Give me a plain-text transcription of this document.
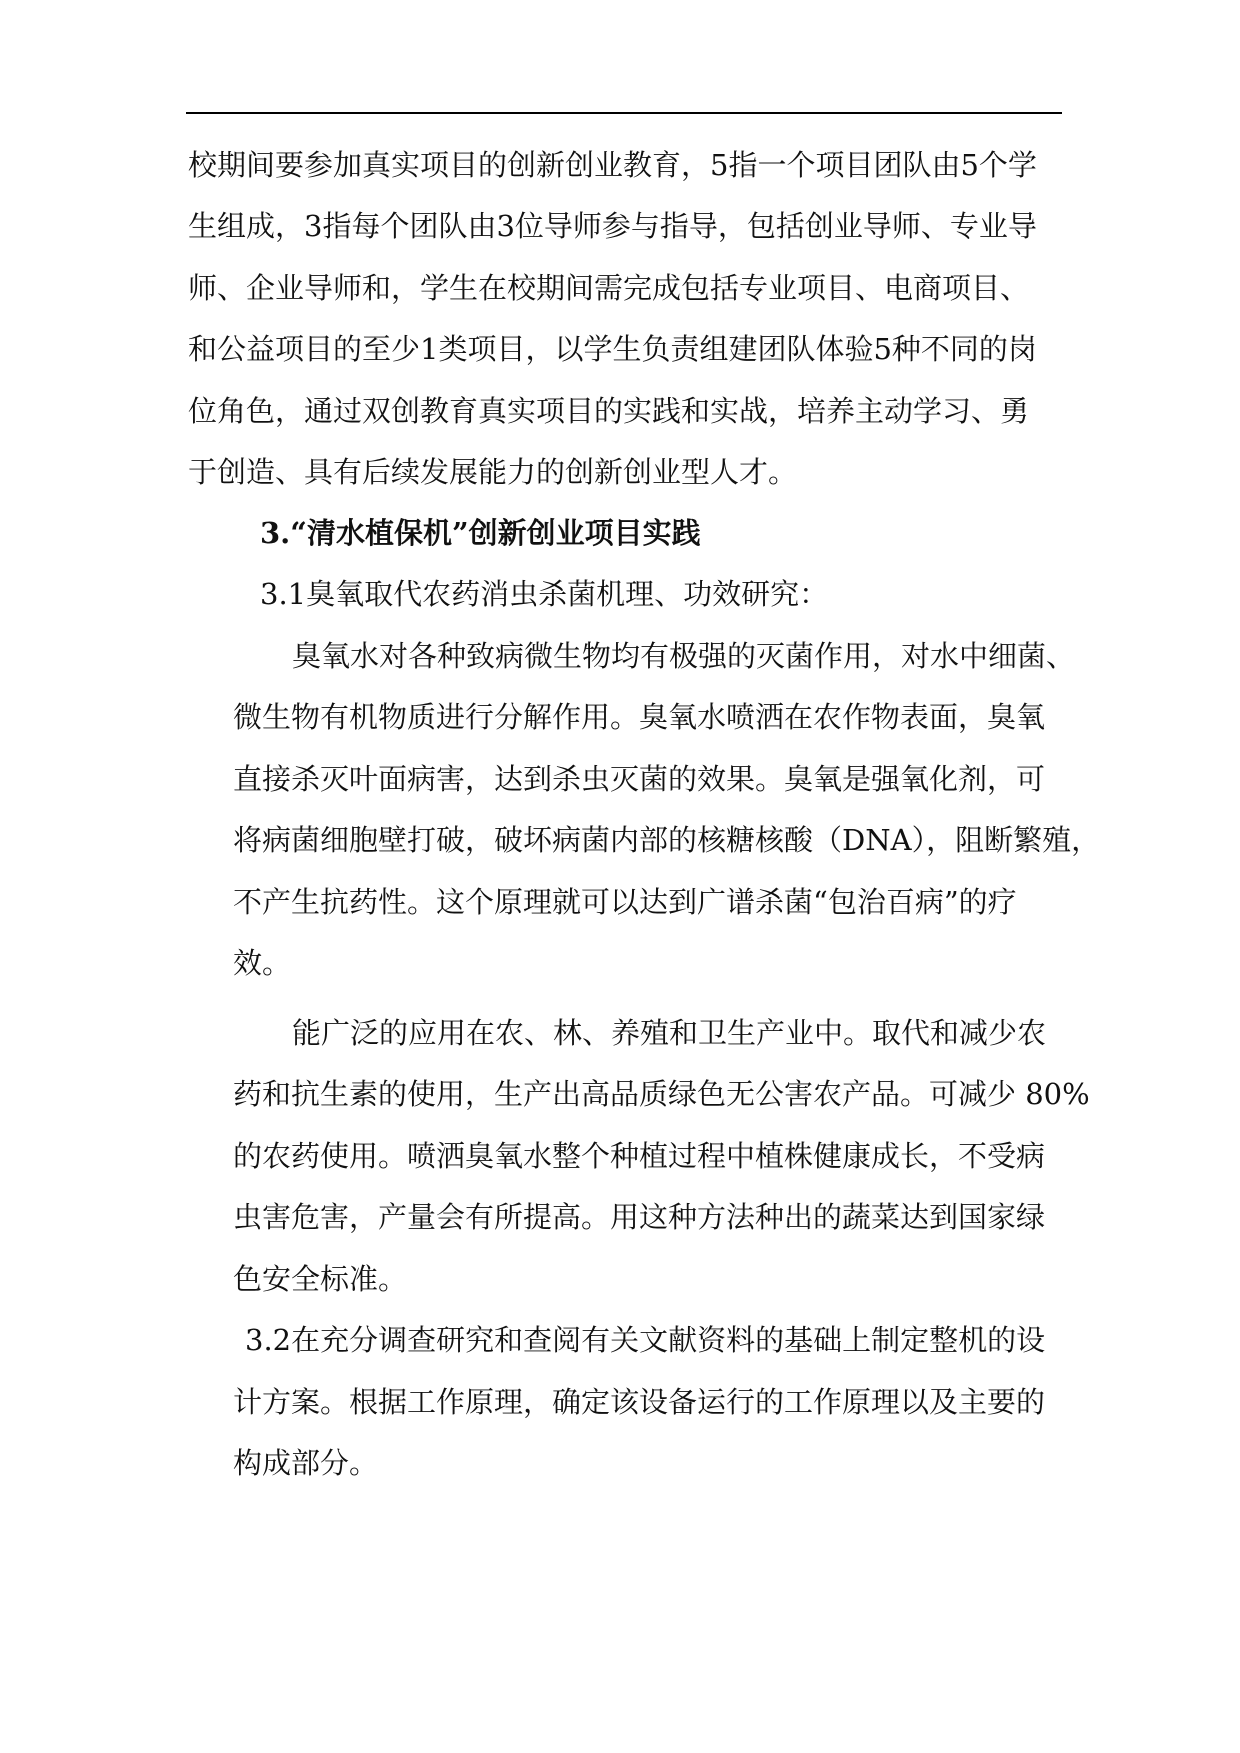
校期间要参加真实项目的创新创业教育，5指一个项目团队由5个学
生组成，3指每个团队由3位导师参与指导，包括创业导师、专业导
师、企业导师和，学生在校期间需完成包括专业项目、电商项目、
和公益项目的至少1类项目，以学生负责组建团队体验5种不同的岗
位角色，通过双创教育真实项目的实践和实战，培养主动学习、勇
于创造、具有后续发展能力的创新创业型人才。
3.“清水植保机”创新创业项目实践
3.1臭氧取代农药消虫杀菌机理、功效研究：
臭氧水对各种致病微生物均有极强的灭菌作用，对水中细菌、
微生物有机物质进行分解作用。臭氧水喷洒在农作物表面，臭氧
直接杀灭叶面病害，达到杀虫灭菌的效果。臭氧是强氧化剂，可
将病菌细胞壁打破，破坏病菌内部的核糖核酸（DNA），阻断繁殖，
不产生抗药性。这个原理就可以达到广谱杀菌“包治百病”的疗
效。
能广泛的应用在农、林、养殖和卫生产业中。取代和减少农
药和抗生素的使用，生产出高品质绿色无公害农产品。可减少 80%
的农药使用。喷洒臭氧水整个种植过程中植株健康成长，不受病
虫害危害，产量会有所提高。用这种方法种出的蔬菜达到国家绿
色安全标准。
3.2在充分调查研究和查阅有关文献资料的基础上制定整机的设
计方案。根据工作原理，确定该设备运行的工作原理以及主要的
构成部分。
